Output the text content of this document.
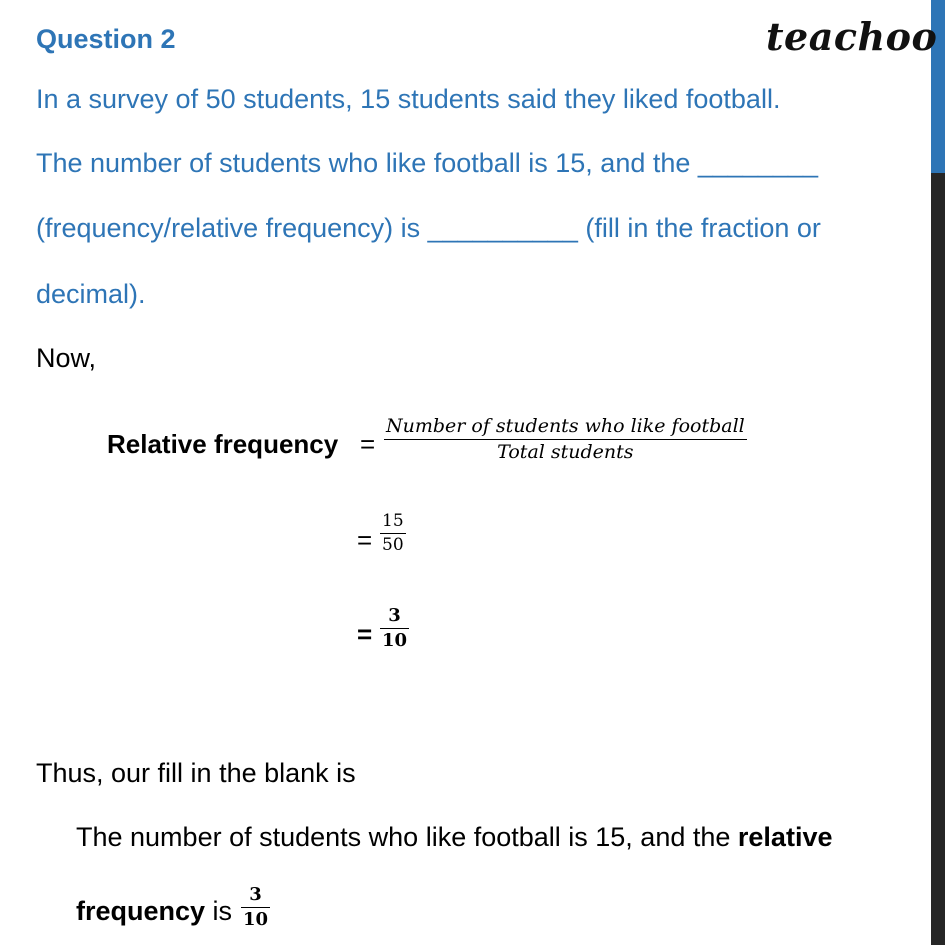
Question 2	teachoo
In a survey of 50 students, 15 students said they liked football.
The number of students who like football is 15, and the ________
(frequency/relative frequency) is __________ (fill in the fraction or
decimal).
Now,
Relative frequency =
Number of students who like football
Total students
=
15
50
=
3
10
Thus, our fill in the blank is
The number of students who like football is 15, and the relative
frequency is
3
10
